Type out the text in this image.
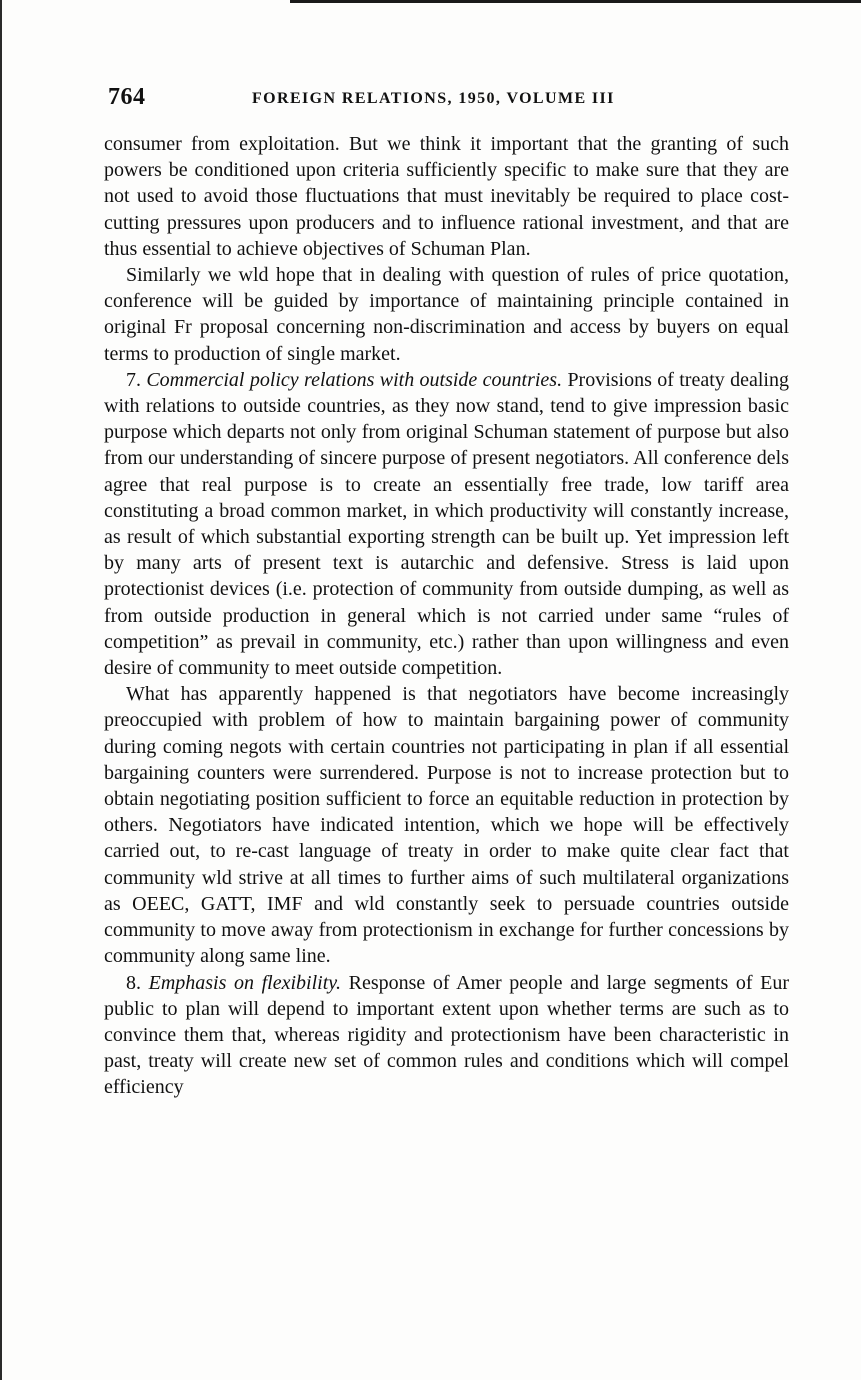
764	FOREIGN RELATIONS, 1950, VOLUME III

consumer from exploitation. But we think it important that the granting of such powers be conditioned upon criteria sufficiently specific to make sure that they are not used to avoid those fluctuations that must inevitably be required to place cost-cutting pressures upon producers and to influence rational investment, and that are thus essential to achieve objectives of Schuman Plan.

Similarly we wld hope that in dealing with question of rules of price quotation, conference will be guided by importance of maintaining principle contained in original Fr proposal concerning non-discrimination and access by buyers on equal terms to production of single market.

7. Commercial policy relations with outside countries. Provisions of treaty dealing with relations to outside countries, as they now stand, tend to give impression basic purpose which departs not only from original Schuman statement of purpose but also from our understanding of sincere purpose of present negotiators. All conference dels agree that real purpose is to create an essentially free trade, low tariff area constituting a broad common market, in which productivity will constantly increase, as result of which substantial exporting strength can be built up. Yet impression left by many arts of present text is autarchic and defensive. Stress is laid upon protectionist devices (i.e. protection of community from outside dumping, as well as from outside production in general which is not carried under same “rules of competition” as prevail in community, etc.) rather than upon willingness and even desire of community to meet outside competition.

What has apparently happened is that negotiators have become increasingly preoccupied with problem of how to maintain bargaining power of community during coming negots with certain countries not participating in plan if all essential bargaining counters were surrendered. Purpose is not to increase protection but to obtain negotiating position sufficient to force an equitable reduction in protection by others. Negotiators have indicated intention, which we hope will be effectively carried out, to re-cast language of treaty in order to make quite clear fact that community wld strive at all times to further aims of such multilateral organizations as OEEC, GATT, IMF and wld constantly seek to persuade countries outside community to move away from protectionism in exchange for further concessions by community along same line.

8. Emphasis on flexibility. Response of Amer people and large segments of Eur public to plan will depend to important extent upon whether terms are such as to convince them that, whereas rigidity and protectionism have been characteristic in past, treaty will create new set of common rules and conditions which will compel efficiency
